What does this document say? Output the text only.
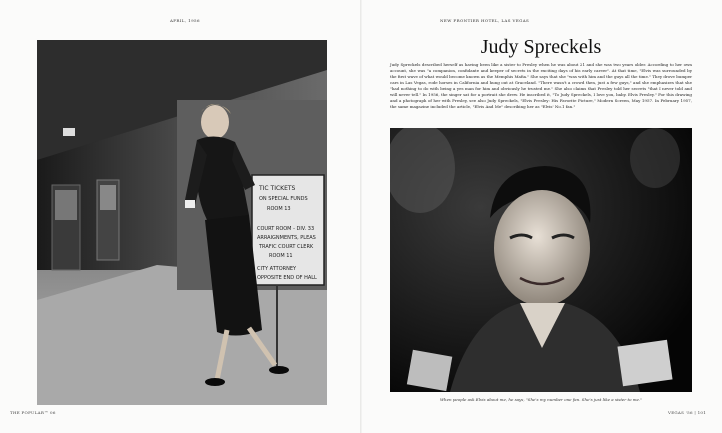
APRIL, 1956	NEW FRONTIER HOTEL, LAS VEGAS
TIC TICKETS
ON SPECIAL FUNDS
ROOM 13
COURT ROOM - DIV. 33
ARRAIGNMENTS, PLEAS
TRAFIC COURT CLERK
ROOM 11
CITY ATTORNEY
OPPOSITE END OF HALL
Judy Spreckels
Judy Spreckels described herself as having been like a sister to Presley when he was about 21 and she was two years older. According to her own account, she was "a companion, confidante and keeper of secrets in the exciting days of his early career". At that time, "Elvis was surrounded by the first wave of what would become known as the Memphis Mafia." She says that she "was with him and the guys all the time." They drove bumper cars in Las Vegas, rode horses in California and hung out at Graceland. "There wasn't a crowd then, just a few guys," and she emphasizes that she "had nothing to do with being a yes man for him and obviously he trusted me." She also claims that Presley told her secrets "that I never told and will never tell." In 1956, the singer sat for a portrait she drew. He inscribed it, "To Judy Spreckels, I love you, baby. Elvis Presley." For this drawing and a photograph of her with Presley, see also Judy Spreckels, "Elvis Presley: His Favorite Picture," Modern Screen, May 1957. In February 1957, the same magazine included the article, "Elvis And Me" describing her as "Elvis' No.1 fan."
When people ask Elvis about me, he says, "She's my number one fan. She's just like a sister to me."
THE POPULAR™ 06	VEGAS '56 | 101
